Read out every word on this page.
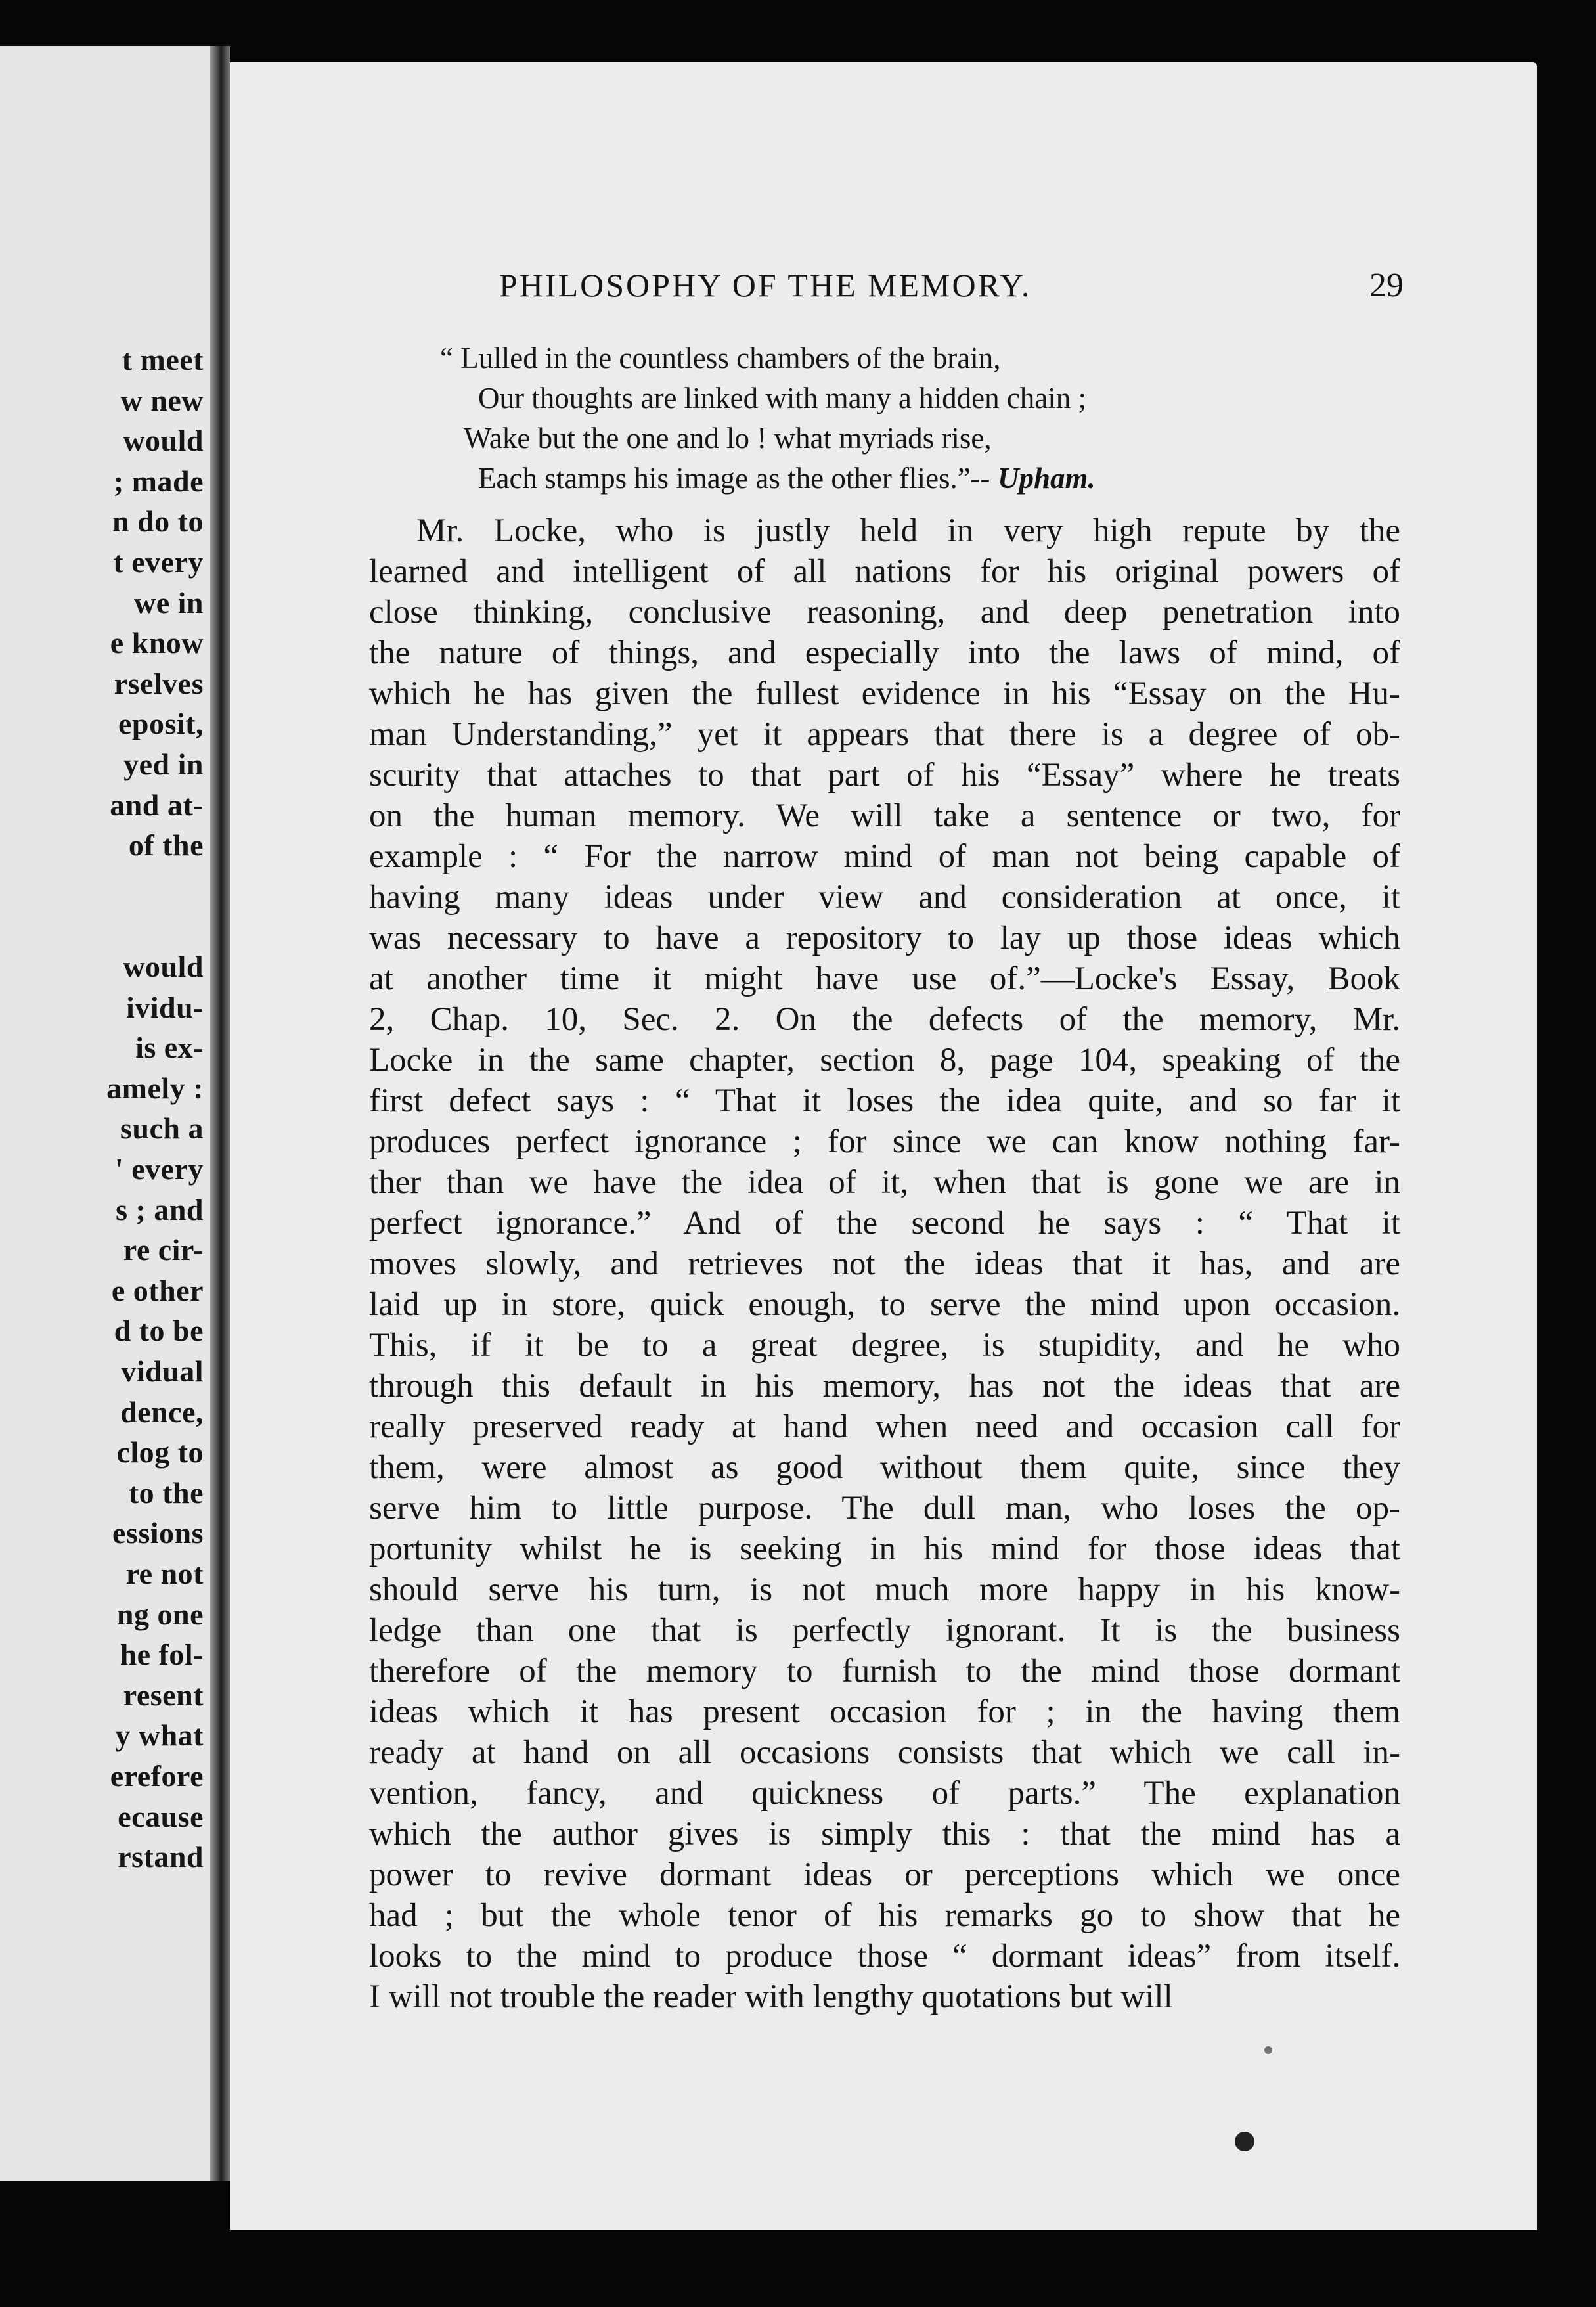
t meet
w new
would
; made
n do to
t every
we in
e know
rselves
eposit,
yed in
and at-
of the
would
ividu-
is ex-
amely :
such a
' every
s ; and
re cir-
e other
d to be
vidual
dence,
clog to
to the
essions
re not
ng one
he fol-
resent
y what
erefore
ecause
rstand
PHILOSOPHY OF THE MEMORY.	29
“ Lulled in the countless chambers of the brain,
Our thoughts are linked with many a hidden chain ;
Wake but the one and lo ! what myriads rise,
Each stamps his image as the other flies.”-- Upham.
Mr. Locke, who is justly held in very high repute by the
learned and intelligent of all nations for his original powers of
close thinking, conclusive reasoning, and deep penetration into
the nature of things, and especially into the laws of mind, of
which he has given the fullest evidence in his “Essay on the Hu-
man Understanding,” yet it appears that there is a degree of ob-
scurity that attaches to that part of his “Essay” where he treats
on the human memory. We will take a sentence or two, for
example : “ For the narrow mind of man not being capable of
having many ideas under view and consideration at once, it
was necessary to have a repository to lay up those ideas which
at another time it might have use of.”—Locke's Essay, Book
2, Chap. 10, Sec. 2. On the defects of the memory, Mr.
Locke in the same chapter, section 8, page 104, speaking of the
first defect says : “ That it loses the idea quite, and so far it
produces perfect ignorance ; for since we can know nothing far-
ther than we have the idea of it, when that is gone we are in
perfect ignorance.” And of the second he says : “ That it
moves slowly, and retrieves not the ideas that it has, and are
laid up in store, quick enough, to serve the mind upon occasion.
This, if it be to a great degree, is stupidity, and he who
through this default in his memory, has not the ideas that are
really preserved ready at hand when need and occasion call for
them, were almost as good without them quite, since they
serve him to little purpose. The dull man, who loses the op-
portunity whilst he is seeking in his mind for those ideas that
should serve his turn, is not much more happy in his know-
ledge than one that is perfectly ignorant. It is the business
therefore of the memory to furnish to the mind those dormant
ideas which it has present occasion for ; in the having them
ready at hand on all occasions consists that which we call in-
vention, fancy, and quickness of parts.” The explanation
which the author gives is simply this : that the mind has a
power to revive dormant ideas or perceptions which we once
had ; but the whole tenor of his remarks go to show that he
looks to the mind to produce those “ dormant ideas” from itself.
I will not trouble the reader with lengthy quotations but will
